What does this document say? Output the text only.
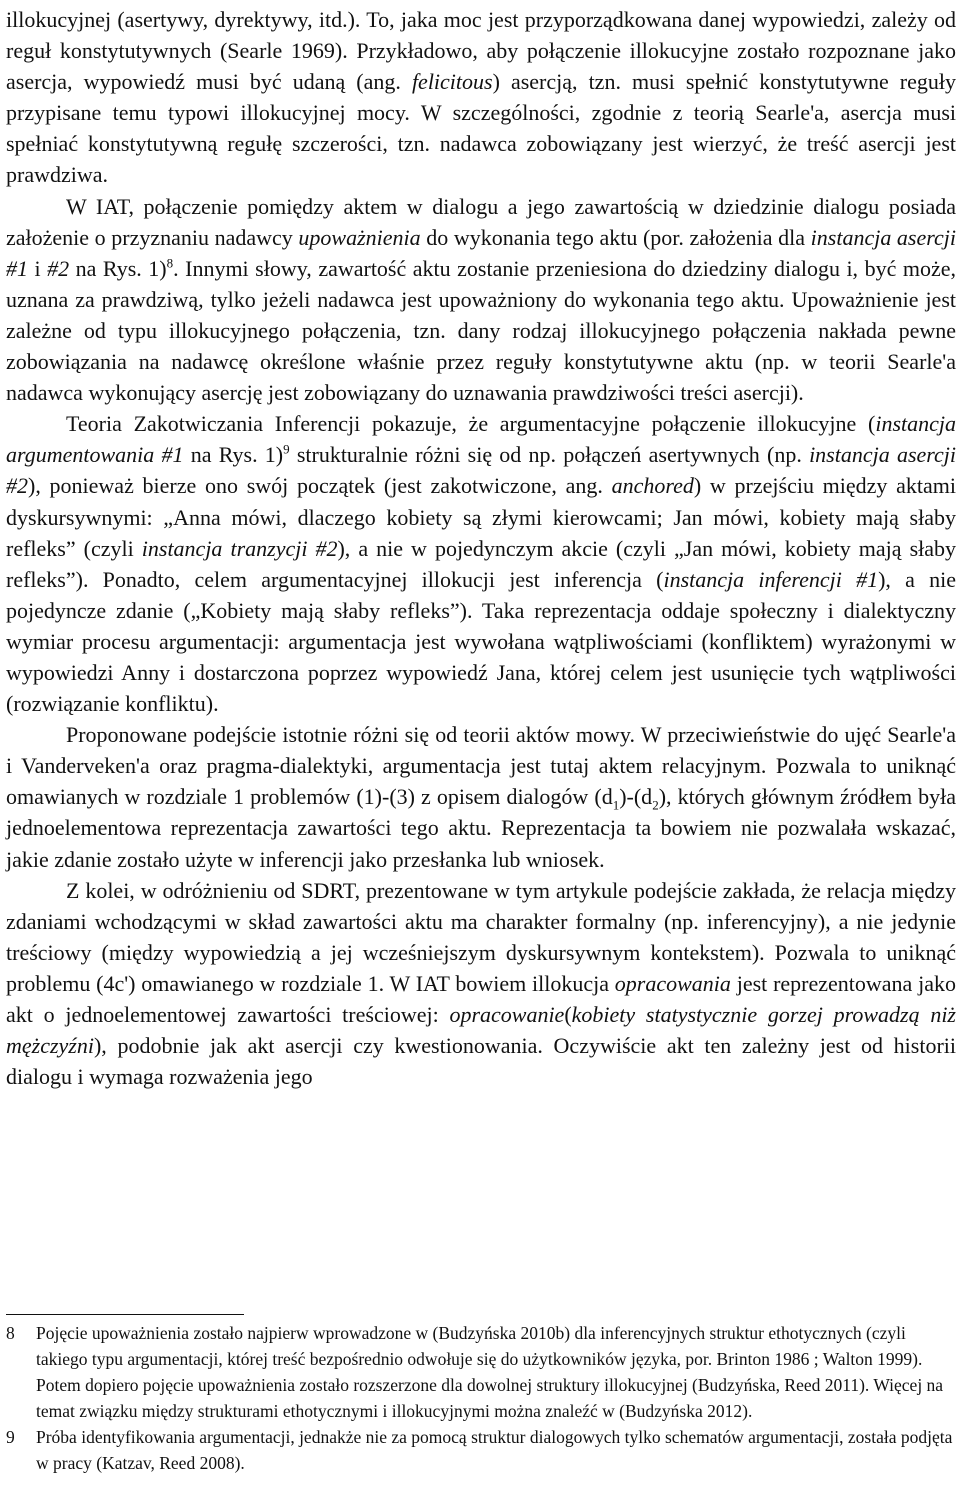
illokucyjnej (asertywy, dyrektywy, itd.). To, jaka moc jest przyporządkowana danej wypowiedzi, zależy od reguł konstytutywnych (Searle 1969). Przykładowo, aby połączenie illokucyjne zostało rozpoznane jako asercja, wypowiedź musi być udaną (ang. felicitous) asercją, tzn. musi spełnić konstytutywne reguły przypisane temu typowi illokucyjnej mocy. W szczególności, zgodnie z teorią Searle'a, asercja musi spełniać konstytutywną regułę szczerości, tzn. nadawca zobowiązany jest wierzyć, że treść asercji jest prawdziwa.

W IAT, połączenie pomiędzy aktem w dialogu a jego zawartością w dziedzinie dialogu posiada założenie o przyznaniu nadawcy upoważnienia do wykonania tego aktu (por. założenia dla instancja asercji #1 i #2 na Rys. 1)$^8$. Innymi słowy, zawartość aktu zostanie przeniesiona do dziedziny dialogu i, być może, uznana za prawdziwą, tylko jeżeli nadawca jest upoważniony do wykonania tego aktu. Upoważnienie jest zależne od typu illokucyjnego połączenia, tzn. dany rodzaj illokucyjnego połączenia nakłada pewne zobowiązania na nadawcę określone właśnie przez reguły konstytutywne aktu (np. w teorii Searle'a nadawca wykonujący asercję jest zobowiązany do uznawania prawdziwości treści asercji).

Teoria Zakotwiczania Inferencji pokazuje, że argumentacyjne połączenie illokucyjne (instancja argumentowania #1 na Rys. 1)$^9$ strukturalnie różni się od np. połączeń asertywnych (np. instancja asercji #2), ponieważ bierze ono swój początek (jest zakotwiczone, ang. anchored) w przejściu między aktami dyskursywnymi: „Anna mówi, dlaczego kobiety są złymi kierowcami; Jan mówi, kobiety mają słaby refleks” (czyli instancja tranzycji #2), a nie w pojedynczym akcie (czyli „Jan mówi, kobiety mają słaby refleks”). Ponadto, celem argumentacyjnej illokucji jest inferencja (instancja inferencji #1), a nie pojedyncze zdanie („Kobiety mają słaby refleks”). Taka reprezentacja oddaje społeczny i dialektyczny wymiar procesu argumentacji: argumentacja jest wywołana wątpliwościami (konfliktem) wyrażonymi w wypowiedzi Anny i dostarczona poprzez wypowiedź Jana, której celem jest usunięcie tych wątpliwości (rozwiązanie konfliktu).

Proponowane podejście istotnie różni się od teorii aktów mowy. W przeciwieństwie do ujęć Searle'a i Vanderveken'a oraz pragma-dialektyki, argumentacja jest tutaj aktem relacyjnym. Pozwala to uniknąć omawianych w rozdziale 1 problemów (1)-(3) z opisem dialogów $(d_1)-(d_2)$, których głównym źródłem była jednoelementowa reprezentacja zawartości tego aktu. Reprezentacja ta bowiem nie pozwalała wskazać, jakie zdanie zostało użyte w inferencji jako przesłanka lub wniosek.

Z kolei, w odróżnieniu od SDRT, prezentowane w tym artykule podejście zakłada, że relacja między zdaniami wchodzącymi w skład zawartości aktu ma charakter formalny (np. inferencyjny), a nie jedynie treściowy (między wypowiedzią a jej wcześniejszym dyskursywnym kontekstem). Pozwala to uniknąć problemu (4c') omawianego w rozdziale 1. W IAT bowiem illokucja opracowania jest reprezentowana jako akt o jednoelementowej zawartości treściowej: opracowanie(kobiety statystycznie gorzej prowadzą niż mężczyźni), podobnie jak akt asercji czy kwestionowania. Oczywiście akt ten zależny jest od historii dialogu i wymaga rozważenia jego

8	Pojęcie upoważnienia zostało najpierw wprowadzone w (Budzyńska 2010b) dla inferencyjnych struktur ethotycznych (czyli takiego typu argumentacji, której treść bezpośrednio odwołuje się do użytkowników języka, por. Brinton 1986 ; Walton 1999). Potem dopiero pojęcie upoważnienia zostało rozszerzone dla dowolnej struktury illokucyjnej (Budzyńska, Reed 2011). Więcej na temat związku między strukturami ethotycznymi i illokucyjnymi można znaleźć w (Budzyńska 2012).
9	Próba identyfikowania argumentacji, jednakże nie za pomocą struktur dialogowych tylko schematów argumentacji, została podjęta w pracy (Katzav, Reed 2008).
